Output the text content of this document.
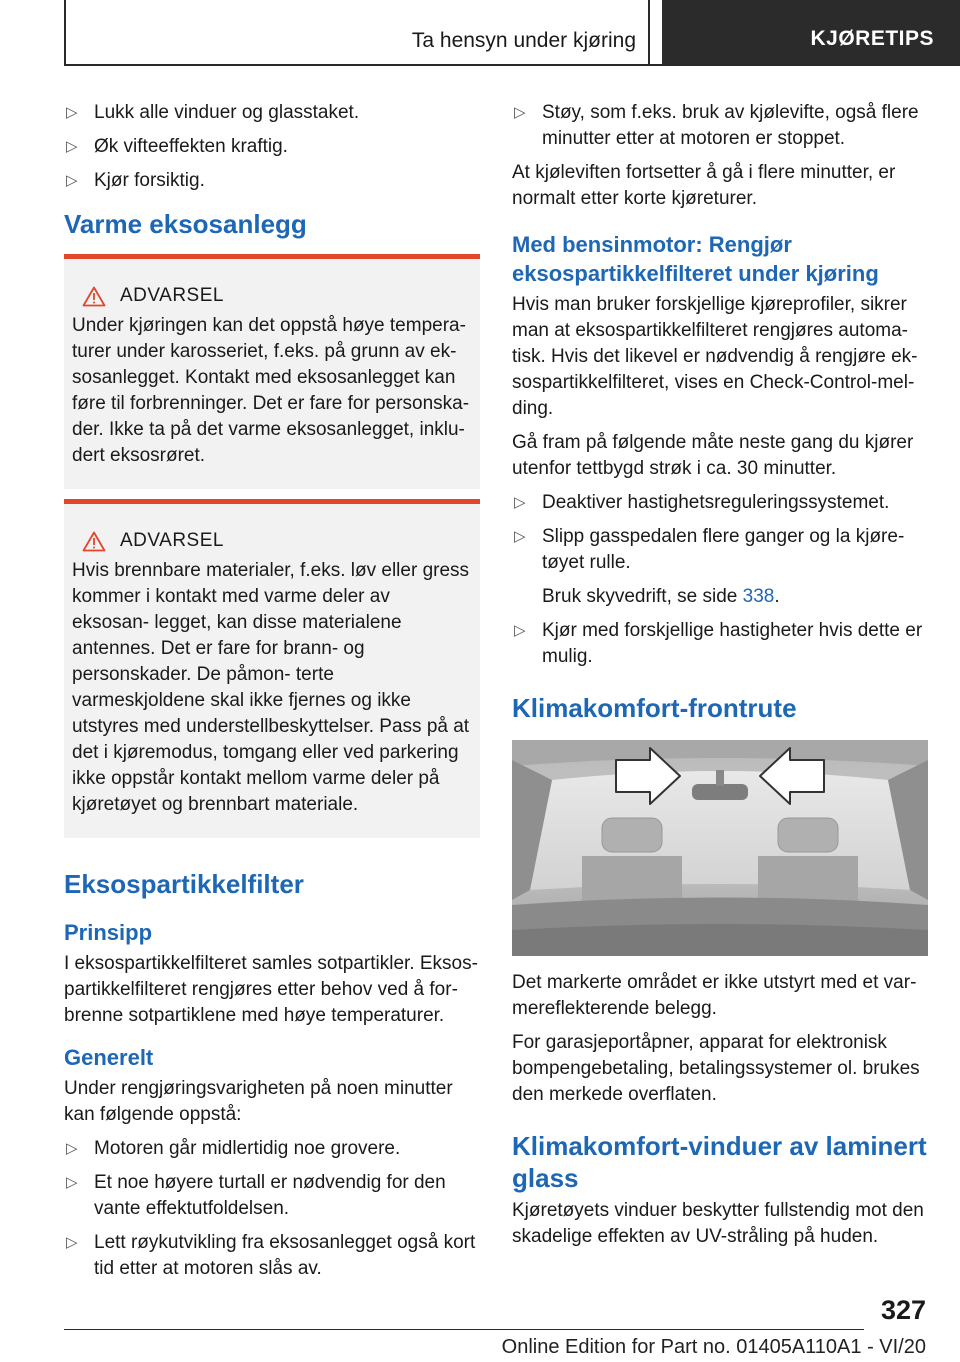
Ta hensyn under kjøring	KJØRETIPS
▷ Lukk alle vinduer og glasstaket.
▷ Øk vifteeffekten kraftig.
▷ Kjør forsiktig.
Varme eksosanlegg
ADVARSEL
Under kjøringen kan det oppstå høye tempera‐ turer under karosseriet, f.eks. på grunn av ek‐ sosanlegget. Kontakt med eksosanlegget kan føre til forbrenninger. Det er fare for personska‐ der. Ikke ta på det varme eksosanlegget, inklu‐ dert eksosrøret.
ADVARSEL
Hvis brennbare materialer, f.eks. løv eller gress kommer i kontakt med varme deler av eksosan‐ legget, kan disse materialene antennes. Det er fare for brann- og personskader. De påmon‐ terte varmeskjoldene skal ikke fjernes og ikke utstyres med understellbeskyttelser. Pass på at det i kjøremodus, tomgang eller ved parkering ikke oppstår kontakt mellom varme deler på kjøretøyet og brennbart materiale.
Eksospartikkelfilter
Prinsipp
I eksospartikkelfilteret samles sotpartikler. Eksos‐ partikkelfilteret rengjøres etter behov ved å for‐ brenne sotpartiklene med høye temperaturer.
Generelt
Under rengjøringsvarigheten på noen minutter kan følgende oppstå:
▷ Motoren går midlertidig noe grovere.
▷ Et noe høyere turtall er nødvendig for den vante effektutfoldelsen.
▷ Lett røykutvikling fra eksosanlegget også kort tid etter at motoren slås av.
▷ Støy, som f.eks. bruk av kjølevifte, også flere minutter etter at motoren er stoppet.
At kjøleviften fortsetter å gå i flere minutter, er normalt etter korte kjøreturer.
Med bensinmotor: Rengjør eksospartikkelfilteret under kjøring
Hvis man bruker forskjellige kjøreprofiler, sikrer man at eksospartikkelfilteret rengjøres automa‐ tisk. Hvis det likevel er nødvendig å rengjøre ek‐ sospartikkelfilteret, vises en Check-Control-mel‐ ding.
Gå fram på følgende måte neste gang du kjører utenfor tettbygd strøk i ca. 30 minutter.
▷ Deaktiver hastighetsreguleringssystemet.
▷ Slipp gasspedalen flere ganger og la kjøre‐ tøyet rulle.
Bruk skyvedrift, se side 338.
▷ Kjør med forskjellige hastigheter hvis dette er mulig.
Klimakomfort-frontrute
Det markerte området er ikke utstyrt med et var‐ mereflekterende belegg.
For garasjeportåpner, apparat for elektronisk bompengebetaling, betalingssystemer ol. brukes den merkede overflaten.
Klimakomfort-vinduer av laminert glass
Kjøretøyets vinduer beskytter fullstendig mot den skadelige effekten av UV-stråling på huden.
327
Online Edition for Part no. 01405A110A1 - VI/20
